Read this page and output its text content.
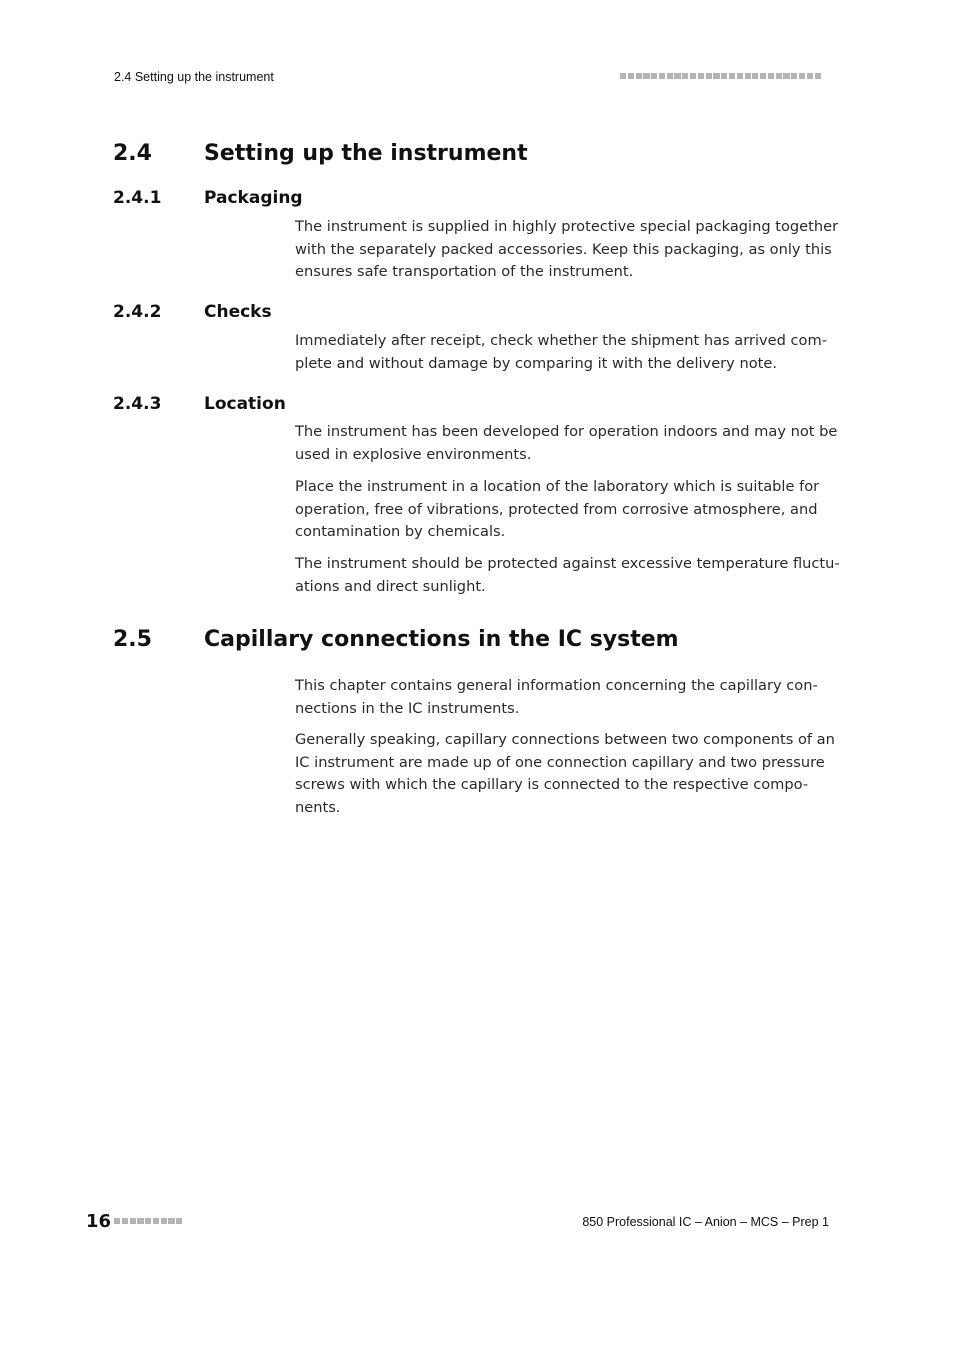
2.4 Setting up the instrument
2.4 Setting up the instrument
2.4.1	Packaging

The instrument is supplied in highly protective special packaging together
with the separately packed accessories. Keep this packaging, as only this
ensures safe transportation of the instrument.

2.4.2	Checks

Immediately after receipt, check whether the shipment has arrived com-
plete and without damage by comparing it with the delivery note.

2.4.3	Location

The instrument has been developed for operation indoors and may not be
used in explosive environments.

Place the instrument in a location of the laboratory which is suitable for
operation, free of vibrations, protected from corrosive atmosphere, and
contamination by chemicals.

The instrument should be protected against excessive temperature fluctu-
ations and direct sunlight.

2.5 Capillary connections in the IC system

This chapter contains general information concerning the capillary con-
nections in the IC instruments.

Generally speaking, capillary connections between two components of an
IC instrument are made up of one connection capillary and two pressure
screws with which the capillary is connected to the respective compo-
nents.

16	850 Professional IC – Anion – MCS – Prep 1
